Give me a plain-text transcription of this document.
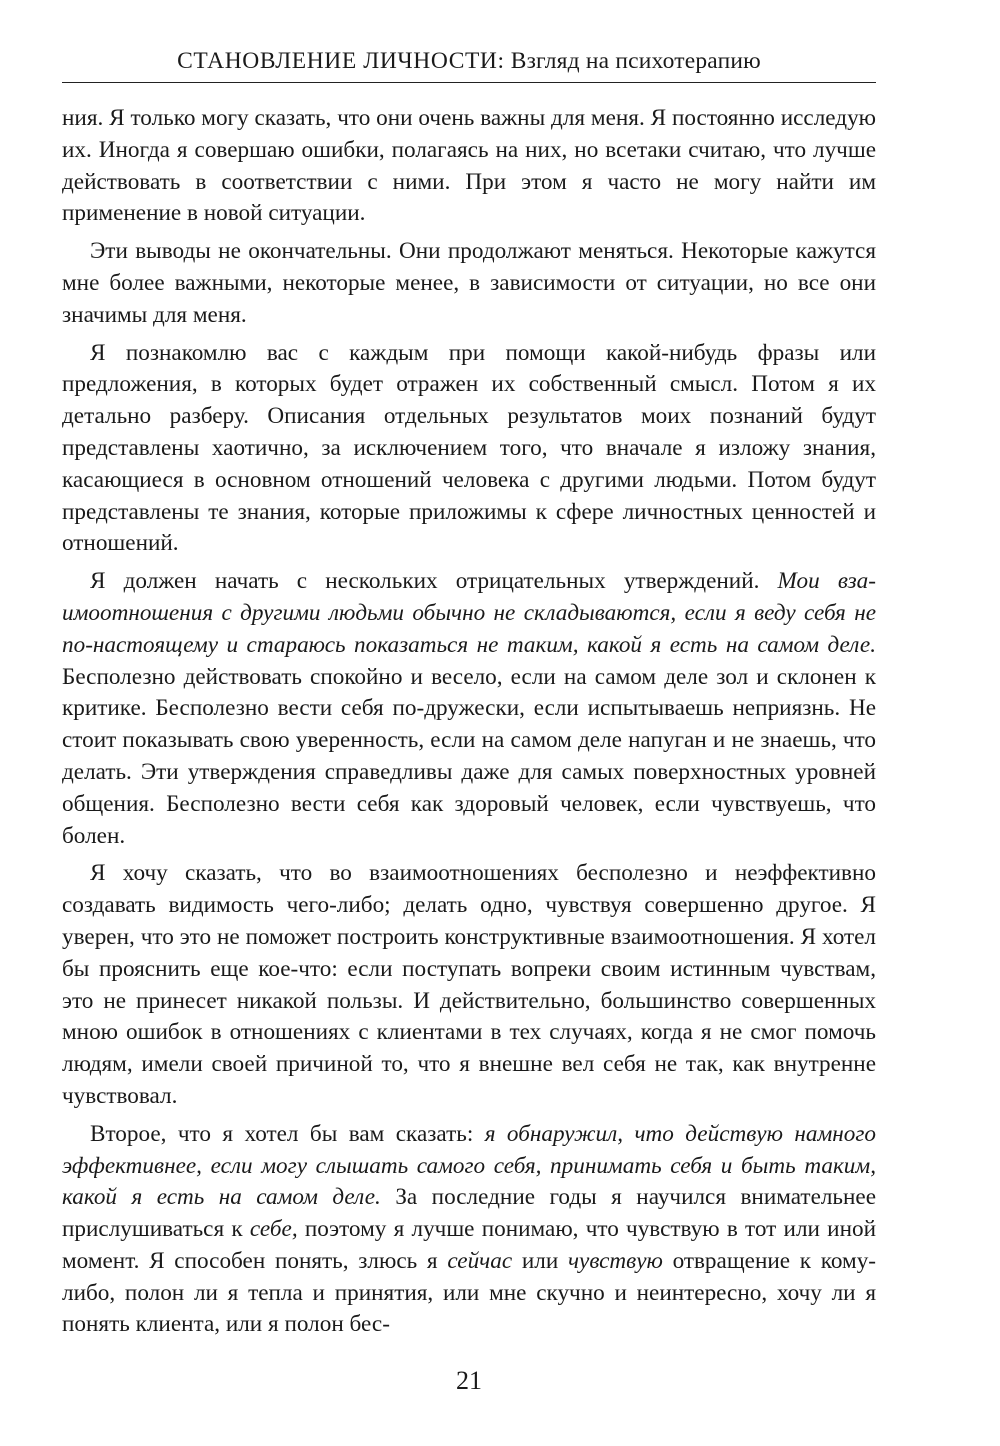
СТАНОВЛЕНИЕ ЛИЧНОСТИ: Взгляд на психотерапию

ния. Я только могу сказать, что они очень важны для меня. Я постоянно исследую их. Иногда я совершаю ошибки, полагаясь на них, но всетаки считаю, что лучше действовать в соответствии с ними. При этом я часто не могу найти им применение в новой ситуации.

Эти выводы не окончательны. Они продолжают меняться. Некоторые кажутся мне более важными, некоторые менее, в зависимости от ситуации, но все они значимы для меня.

Я познакомлю вас с каждым при помощи какой-нибудь фразы или предложения, в которых будет отражен их собственный смысл. Потом я их детально разберу. Описания отдельных результатов моих познаний будут представлены хаотично, за исключением того, что вначале я изложу знания, касающиеся в основном отношений человека с другими людьми. Потом будут представлены те знания, которые приложимы к сфере личностных ценностей и отношений.

Я должен начать с нескольких отрицательных утверждений. Мои взаимоотношения с другими людьми обычно не складываются, если я веду себя не по-настоящему и стараюсь показаться не таким, какой я есть на самом деле. Бесполезно действовать спокойно и весело, если на самом деле зол и склонен к критике. Бесполезно вести себя по-дружески, если испытываешь неприязнь. Не стоит показывать свою уверенность, если на самом деле напуган и не знаешь, что делать. Эти утверждения справедливы даже для самых поверхностных уровней общения. Бесполезно вести себя как здоровый человек, если чувствуешь, что болен.

Я хочу сказать, что во взаимоотношениях бесполезно и неэффективно создавать видимость чего-либо; делать одно, чувствуя совершенно другое. Я уверен, что это не поможет построить конструктивные взаимоотношения. Я хотел бы прояснить еще кое-что: если поступать вопреки своим истинным чувствам, это не принесет никакой пользы. И действительно, большинство совершенных мною ошибок в отношениях с клиентами в тех случаях, когда я не смог помочь людям, имели своей причиной то, что я внешне вел себя не так, как внутренне чувствовал.

Второе, что я хотел бы вам сказать: я обнаружил, что действую намного эффективнее, если могу слышать самого себя, принимать себя и быть таким, какой я есть на самом деле. За последние годы я научился внимательнее прислушиваться к себе, поэтому я лучше понимаю, что чувствую в тот или иной момент. Я способен понять, злюсь я сейчас или чувствую отвращение к кому-либо, полон ли я тепла и принятия, или мне скучно и неинтересно, хочу ли я понять клиента, или я полон бес-

21
